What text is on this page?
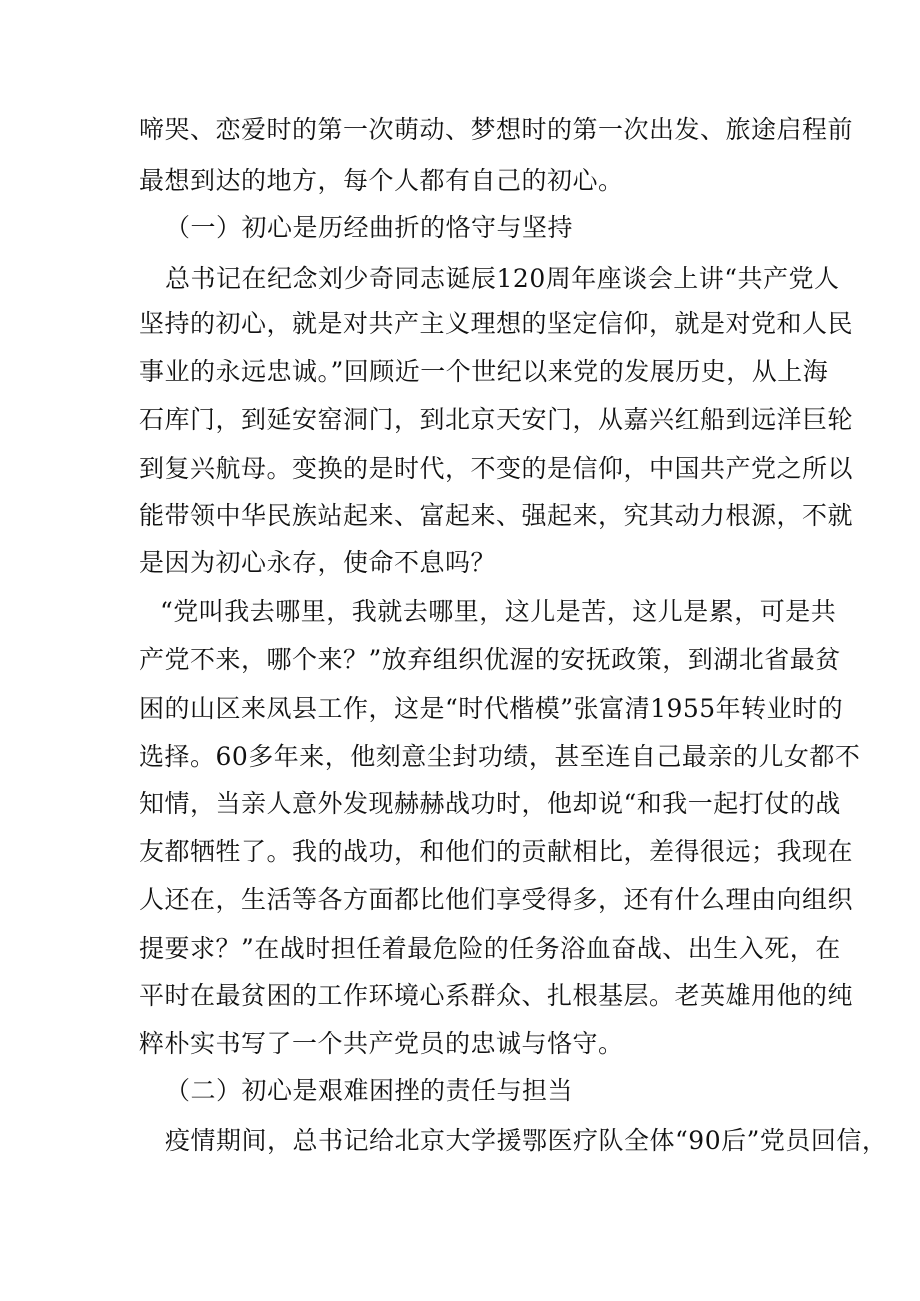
啼哭、恋爱时的第一次萌动、梦想时的第一次出发、旅途启程前
最想到达的地方，每个人都有自己的初心。
（一）初心是历经曲折的恪守与坚持
总书记在纪念刘少奇同志诞辰120周年座谈会上讲“共产党人
坚持的初心，就是对共产主义理想的坚定信仰，就是对党和人民
事业的永远忠诚。”回顾近一个世纪以来党的发展历史，从上海
石库门，到延安窑洞门，到北京天安门，从嘉兴红船到远洋巨轮
到复兴航母。变换的是时代，不变的是信仰，中国共产党之所以
能带领中华民族站起来、富起来、强起来，究其动力根源，不就
是因为初心永存，使命不息吗？
“党叫我去哪里，我就去哪里，这儿是苦，这儿是累，可是共
产党不来，哪个来？”放弃组织优渥的安抚政策，到湖北省最贫
困的山区来凤县工作，这是“时代楷模”张富清1955年转业时的
选择。60多年来，他刻意尘封功绩，甚至连自己最亲的儿女都不
知情，当亲人意外发现赫赫战功时，他却说“和我一起打仗的战
友都牺牲了。我的战功，和他们的贡献相比，差得很远；我现在
人还在，生活等各方面都比他们享受得多，还有什么理由向组织
提要求？”在战时担任着最危险的任务浴血奋战、出生入死，在
平时在最贫困的工作环境心系群众、扎根基层。老英雄用他的纯
粹朴实书写了一个共产党员的忠诚与恪守。
（二）初心是艰难困挫的责任与担当
疫情期间，总书记给北京大学援鄂医疗队全体“90后”党员回信，
